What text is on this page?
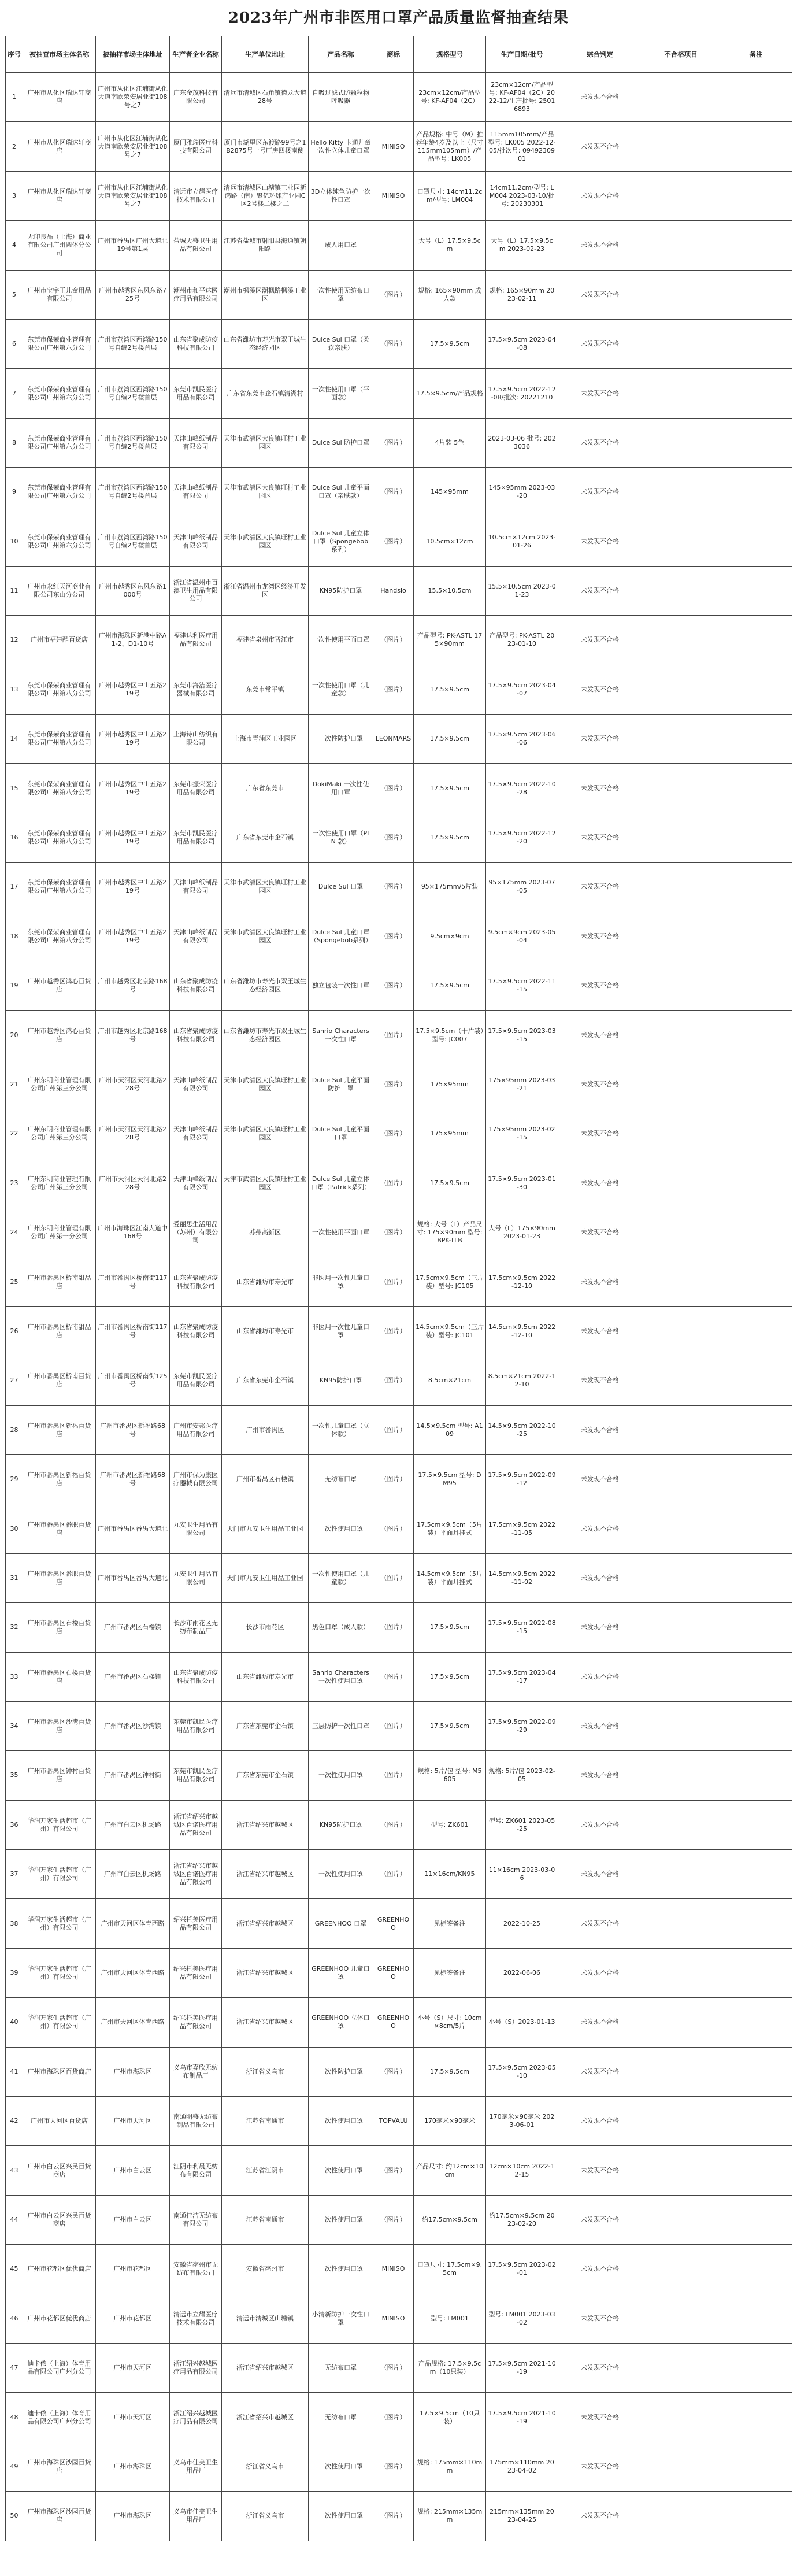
2023年广州市非医用口罩产品质量监督抽查结果
序号	被抽查市场主体名称	被抽样市场主体地址	生产者企业名称	生产单位地址	产品名称	商标	规格型号	生产日期/批号	综合判定	不合格项目	备注
1	广州市从化区瑞达轩商店	广州市从化区江埔街从化大道南欣荣安居业街108号之7	广东金茂科技有限公司	清远市清城区石角镇德龙大道28号	自吸过滤式防颗粒物呼吸器		23cm×12cm/产品型号: KF-AF04（2C）	23cm×12cm/产品型号: KF-AF04（2C）2022-12/生产批号: 25016893	未发现不合格		
2	广州市从化区瑞达轩商店	广州市从化区江埔街从化大道南欣荣安居业街108号之7	厦门雅瑞医疗科技有限公司	厦门市湖里区东渡路99号之1B2875号一号厂房四楼南侧	Hello Kitty 卡通儿童一次性立体儿童口罩	MINISO	产品规格: 中号（M）推荐年龄4岁及以上（尺寸115mm105mm）/产品型号: LK005	115mm105mm/产品型号: LK005 2022-12-05/批次号: 0949230901	未发现不合格		
3	广州市从化区瑞达轩商店	广州市从化区江埔街从化大道南欣荣安居业街108号之7	清远市立耀医疗技术有限公司	清远市清城区山塘镇工业园新鸿路（南）聚亿环球产业园C区2号楼二楼之二	3D立体纯色防护一次性口罩	MINISO	口罩尺寸: 14cm11.2cm/型号: LM004	14cm11.2cm/型号: LM004 2023-03-10/批号: 20230301	未发现不合格		
4	无印良品（上海）商业有限公司广州圆体分公司	广州市番禺区广州大道北19号第1层	盐城天盛卫生用品有限公司	江苏省盐城市射阳县海通镇朝阳路	成人用口罩		大号（L）17.5×9.5cm	大号（L）17.5×9.5cm 2023-02-23	未发现不合格		
5	广州市宝宇王儿童用品有限公司	广州市越秀区东风东路725号	潮州市和平达医疗用品有限公司	潮州市枫溪区潮枫路枫溪工业区	一次性使用无纺布口罩	（图片）	规格: 165×90mm 成人款	规格: 165×90mm 2023-02-11	未发现不合格		
6	东莞市保荣商业管理有限公司广州第六分公司	广州市荔湾区西湾路150号自编2号楼首层	山东省聚成防疫科技有限公司	山东省潍坊市寿光市双王城生态经济园区	Dulce Sul 口罩（柔软亲肤）	（图片）	17.5×9.5cm	17.5×9.5cm 2023-04-08	未发现不合格		
7	东莞市保荣商业管理有限公司广州第六分公司	广州市荔湾区西湾路150号自编2号楼首层	东莞市凯民医疗用品有限公司	广东省东莞市企石镇清湖村	一次性使用口罩（平面款）		17.5×9.5cm/产品规格	17.5×9.5cm 2022-12-08/批次: 20221210	未发现不合格		
8	东莞市保荣商业管理有限公司广州第六分公司	广州市荔湾区西湾路150号自编2号楼首层	天津山峰纸制品有限公司	天津市武清区大良镇旺村工业园区	Dulce Sul 防护口罩	（图片）	4片装 5色	2023-03-06 批号: 2023036	未发现不合格		
9	东莞市保荣商业管理有限公司广州第六分公司	广州市荔湾区西湾路150号自编2号楼首层	天津山峰纸制品有限公司	天津市武清区大良镇旺村工业园区	Dulce Sul 儿童平面口罩（亲肤款）	（图片）	145×95mm	145×95mm 2023-03-20	未发现不合格		
10	东莞市保荣商业管理有限公司广州第六分公司	广州市荔湾区西湾路150号自编2号楼首层	天津山峰纸制品有限公司	天津市武清区大良镇旺村工业园区	Dulce Sul 儿童立体口罩（Spongebob系列）	（图片）	10.5cm×12cm	10.5cm×12cm 2023-01-26	未发现不合格		
11	广州市永红天河商业有限公司东山分公司	广州市越秀区东风东路1000号	浙江省温州市百澳卫生用品有限公司	浙江省温州市龙湾区经济开发区	KN95防护口罩	Handslo	15.5×10.5cm	15.5×10.5cm 2023-01-23	未发现不合格		
12	广州市福建酷百货店	广州市海珠区新港中路A1-2、D1-10号	福建达利医疗用品有限公司	福建省泉州市晋江市	一次性使用平面口罩	（图片）	产品型号: PK-ASTL 175×90mm	产品型号: PK-ASTL 2023-01-10	未发现不合格		
13	东莞市保荣商业管理有限公司广州第八分公司	广州市越秀区中山五路219号	东莞市海洁医疗器械有限公司	东莞市常平镇	一次性使用口罩（儿童款）	（图片）	17.5×9.5cm	17.5×9.5cm 2023-04-07	未发现不合格		
14	东莞市保荣商业管理有限公司广州第八分公司	广州市越秀区中山五路219号	上海诗山纺织有限公司	上海市青浦区工业园区	一次性防护口罩	LEONMARS	17.5×9.5cm	17.5×9.5cm 2023-06-06	未发现不合格		
15	东莞市保荣商业管理有限公司广州第八分公司	广州市越秀区中山五路219号	东莞市振荣医疗用品有限公司	广东省东莞市	DokiMaki 一次性使用口罩	（图片）	17.5×9.5cm	17.5×9.5cm 2022-10-28	未发现不合格		
16	东莞市保荣商业管理有限公司广州第八分公司	广州市越秀区中山五路219号	东莞市凯民医疗用品有限公司	广东省东莞市企石镇	一次性使用口罩（PIN 款）	（图片）	17.5×9.5cm	17.5×9.5cm 2022-12-20	未发现不合格		
17	东莞市保荣商业管理有限公司广州第八分公司	广州市越秀区中山五路219号	天津山峰纸制品有限公司	天津市武清区大良镇旺村工业园区	Dulce Sul 口罩	（图片）	95×175mm/5片装	95×175mm 2023-07-05	未发现不合格		
18	东莞市保荣商业管理有限公司广州第八分公司	广州市越秀区中山五路219号	天津山峰纸制品有限公司	天津市武清区大良镇旺村工业园区	Dulce Sul 儿童口罩（Spongebob系列）	（图片）	9.5cm×9cm	9.5cm×9cm 2023-05-04	未发现不合格		
19	广州市越秀区鸿心百货店	广州市越秀区北京路168号	山东省聚成防疫科技有限公司	山东省潍坊市寿光市双王城生态经济园区	独立包装一次性口罩	（图片）	17.5×9.5cm	17.5×9.5cm 2022-11-15	未发现不合格		
20	广州市越秀区鸿心百货店	广州市越秀区北京路168号	山东省聚成防疫科技有限公司	山东省潍坊市寿光市双王城生态经济园区	Sanrio Characters 一次性口罩	（图片）	17.5×9.5cm（十片装）型号: JC007	17.5×9.5cm 2023-03-15	未发现不合格		
21	广州东明商业管理有限公司广州第三分公司	广州市天河区天河北路228号	天津山峰纸制品有限公司	天津市武清区大良镇旺村工业园区	Dulce Sul 儿童平面防护口罩	（图片）	175×95mm	175×95mm 2023-03-21	未发现不合格		
22	广州东明商业管理有限公司广州第三分公司	广州市天河区天河北路228号	天津山峰纸制品有限公司	天津市武清区大良镇旺村工业园区	Dulce Sul 儿童平面口罩	（图片）	175×95mm	175×95mm 2023-02-15	未发现不合格		
23	广州东明商业管理有限公司广州第三分公司	广州市天河区天河北路228号	天津山峰纸制品有限公司	天津市武清区大良镇旺村工业园区	Dulce Sul 儿童立体口罩（Patrick系列）	（图片）	17.5×9.5cm	17.5×9.5cm 2023-01-30	未发现不合格		
24	广州东明商业管理有限公司广州第一分公司	广州市海珠区江南大道中168号	爱丽思生活用品（苏州）有限公司	苏州高新区	一次性使用平面口罩	（图片）	规格: 大号（L）产品尺寸: 175×90mm 型号: BPK-TLB	大号（L）175×90mm 2023-01-23	未发现不合格		
25	广州市番禺区桥南甜品店	广州市番禺区桥南街117号	山东省聚成防疫科技有限公司	山东省潍坊市寿光市	非医用一次性儿童口罩	（图片）	17.5cm×9.5cm（三片装）型号: JC105	17.5cm×9.5cm 2022-12-10	未发现不合格		
26	广州市番禺区桥南甜品店	广州市番禺区桥南街117号	山东省聚成防疫科技有限公司	山东省潍坊市寿光市	非医用一次性儿童口罩	（图片）	14.5cm×9.5cm（三片装）型号: JC101	14.5cm×9.5cm 2022-12-10	未发现不合格		
27	广州市番禺区桥南百货店	广州市番禺区桥南街125号	东莞市凯民医疗用品有限公司	广东省东莞市企石镇	KN95防护口罩	（图片）	8.5cm×21cm	8.5cm×21cm 2022-12-10	未发现不合格		
28	广州市番禺区新福百货店	广州市番禺区新福路68号	广州市安邦医疗用品有限公司	广州市番禺区	一次性儿童口罩（立体款）	（图片）	14.5×9.5cm 型号: A109	14.5×9.5cm 2022-10-25	未发现不合格		
29	广州市番禺区新福百货店	广州市番禺区新福路68号	广州市保为康医疗器械有限公司	广州市番禺区石楼镇	无纺布口罩	（图片）	17.5×9.5cm 型号: DM95	17.5×9.5cm 2022-09-12	未发现不合格		
30	广州市番禺区番职百货店	广州市番禺区番禺大道北	九安卫生用品有限公司	天门市九安卫生用品工业园	一次性使用口罩	（图片）	17.5cm×9.5cm（5片装）平面耳挂式	17.5cm×9.5cm 2022-11-05	未发现不合格		
31	广州市番禺区番职百货店	广州市番禺区番禺大道北	九安卫生用品有限公司	天门市九安卫生用品工业园	一次性使用口罩（儿童款）	（图片）	14.5cm×9.5cm（5片装）平面耳挂式	14.5cm×9.5cm 2022-11-02	未发现不合格		
32	广州市番禺区石楼百货店	广州市番禺区石楼镇	长沙市雨花区无纺布制品厂	长沙市雨花区	黑色口罩（成人款）	（图片）	17.5×9.5cm	17.5×9.5cm 2022-08-15	未发现不合格		
33	广州市番禺区石楼百货店	广州市番禺区石楼镇	山东省聚成防疫科技有限公司	山东省潍坊市寿光市	Sanrio Characters 一次性使用口罩	（图片）	17.5×9.5cm	17.5×9.5cm 2023-04-17	未发现不合格		
34	广州市番禺区沙湾百货店	广州市番禺区沙湾镇	东莞市凯民医疗用品有限公司	广东省东莞市企石镇	三层防护一次性口罩	（图片）	17.5×9.5cm	17.5×9.5cm 2022-09-29	未发现不合格		
35	广州市番禺区钟村百货店	广州市番禺区钟村街	东莞市凯民医疗用品有限公司	广东省东莞市企石镇	一次性使用口罩	（图片）	规格: 5片/包 型号: M5605	规格: 5片/包 2023-02-05	未发现不合格		
36	华润万家生活超市（广州）有限公司	广州市白云区机场路	浙江省绍兴市越城区百诺医疗用品有限公司	浙江省绍兴市越城区	KN95防护口罩	（图片）	型号: ZK601	型号: ZK601 2023-05-25	未发现不合格		
37	华润万家生活超市（广州）有限公司	广州市白云区机场路	浙江省绍兴市越城区百诺医疗用品有限公司	浙江省绍兴市越城区	一次性使用口罩	（图片）	11×16cm/KN95	11×16cm 2023-03-06	未发现不合格		
38	华润万家生活超市（广州）有限公司	广州市天河区体育西路	绍兴托美医疗用品有限公司	浙江省绍兴市越城区	GREENHOO 口罩	GREENHOO	见标签备注	2022-10-25	未发现不合格		
39	华润万家生活超市（广州）有限公司	广州市天河区体育西路	绍兴托美医疗用品有限公司	浙江省绍兴市越城区	GREENHOO 儿童口罩	GREENHOO	见标签备注	2022-06-06	未发现不合格		
40	华润万家生活超市（广州）有限公司	广州市天河区体育西路	绍兴托美医疗用品有限公司	浙江省绍兴市越城区	GREENHOO 立体口罩	GREENHOO	小号（S）尺寸: 10cm×8cm/5片	小号（S）2023-01-13	未发现不合格		
41	广州市海珠区百货商店	广州市海珠区	义乌市嘉欣无纺布制品厂	浙江省义乌市	一次性防护口罩	（图片）	17.5×9.5cm	17.5×9.5cm 2023-05-10	未发现不合格		
42	广州市天河区百货店	广州市天河区	南通明盛无纺布制品有限公司	江苏省南通市	一次性使用口罩	TOPVALU	170毫米×90毫米	170毫米×90毫米 2023-06-01	未发现不合格		
43	广州市白云区兴民百货商店	广州市白云区	江阴市利晨无纺布有限公司	江苏省江阴市	一次性使用口罩	（图片）	产品尺寸: 约12cm×10cm	12cm×10cm 2022-12-15	未发现不合格		
44	广州市白云区兴民百货商店	广州市白云区	南通佳洁无纺布有限公司	江苏省南通市	一次性使用口罩	（图片）	约17.5cm×9.5cm	约17.5cm×9.5cm 2023-02-20	未发现不合格		
45	广州市花都区优优商店	广州市花都区	安徽省亳州市无纺布有限公司	安徽省亳州市	一次性使用口罩	MINISO	口罩尺寸: 17.5cm×9.5cm	17.5×9.5cm 2023-02-01	未发现不合格		
46	广州市花都区优优商店	广州市花都区	清远市立耀医疗技术有限公司	清远市清城区山塘镇	小清新防护一次性口罩	MINISO	型号: LM001	型号: LM001 2023-03-02	未发现不合格		
47	迪卡侬（上海）体育用品有限公司广州分公司	广州市天河区	浙江绍兴越城医疗用品有限公司	浙江省绍兴市越城区	无纺布口罩	（图片）	产品规格: 17.5×9.5cm（10只装）	17.5×9.5cm 2021-10-19	未发现不合格		
48	迪卡侬（上海）体育用品有限公司广州分公司	广州市天河区	浙江绍兴越城医疗用品有限公司	浙江省绍兴市越城区	无纺布口罩	（图片）	17.5×9.5cm（10只装）	17.5×9.5cm 2021-10-19	未发现不合格		
49	广州市海珠区沙园百货店	广州市海珠区	义乌市佳美卫生用品厂	浙江省义乌市	一次性使用口罩	（图片）	规格: 175mm×110mm	175mm×110mm 2023-04-02	未发现不合格		
50	广州市海珠区沙园百货店	广州市海珠区	义乌市佳美卫生用品厂	浙江省义乌市	一次性使用口罩	（图片）	规格: 215mm×135mm	215mm×135mm 2023-04-25	未发现不合格		
